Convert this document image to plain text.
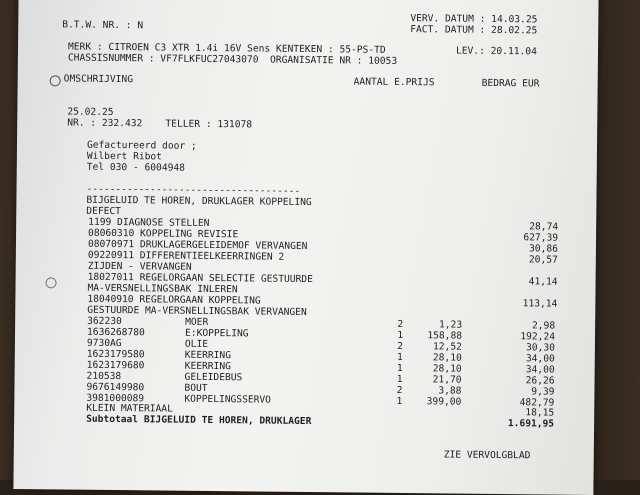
B.T.W. NR. : N	VERV. DATUM : 14.03.25
FACT. DATUM : 28.02.25
MERK : CITROEN C3 XTR 1.4i 16V Sens KENTEKEN : 55-PS-TD	LEV.: 20.11.04
CHASSISNUMMER : VF7FLKFUC27043070  ORGANISATIE NR : 10053
OMSCHRIJVING	AANTAL E.PRIJS	BEDRAG EUR
25.02.25
NR. : 232.432    TELLER : 131078
Gefactureerd door ;
Wilbert Ribot
Tel 030 - 6004948
-------------------------------------
BIJGELUID TE HOREN, DRUKLAGER KOPPELING
DEFECT
1199 DIAGNOSE STELLEN	28,74
08060310 KOPPELING REVISIE	627,39
08070971 DRUKLAGERGELEIDEMOF VERVANGEN	30,86
09220911 DIFFERENTIEELKEERRINGEN 2	20,57
ZIJDEN - VERVANGEN
18027011 REGELORGAAN SELECTIE GESTUURDE	41,14
MA-VERSNELLINGSBAK INLEREN
18040910 REGELORGAAN KOPPELING	113,14
GESTUURDE MA-VERSNELLINGSBAK VERVANGEN
362230	MOER	2	1,23	2,98
1636268780	E:KOPPELING	1	158,88	192,24
9730AG	OLIE	2	12,52	30,30
1623179580	KEERRING	1	28,10	34,00
1623179680	KEERRING	1	28,10	34,00
210538	GELEIDEBUS	1	21,70	26,26
9676149980	BOUT	2	3,88	9,39
3981000089	KOPPELINGSSERVO	1	399,00	482,79
KLEIN MATERIAAL	18,15
Subtotaal BIJGELUID TE HOREN, DRUKLAGER	1.691,95
ZIE VERVOLGBLAD
